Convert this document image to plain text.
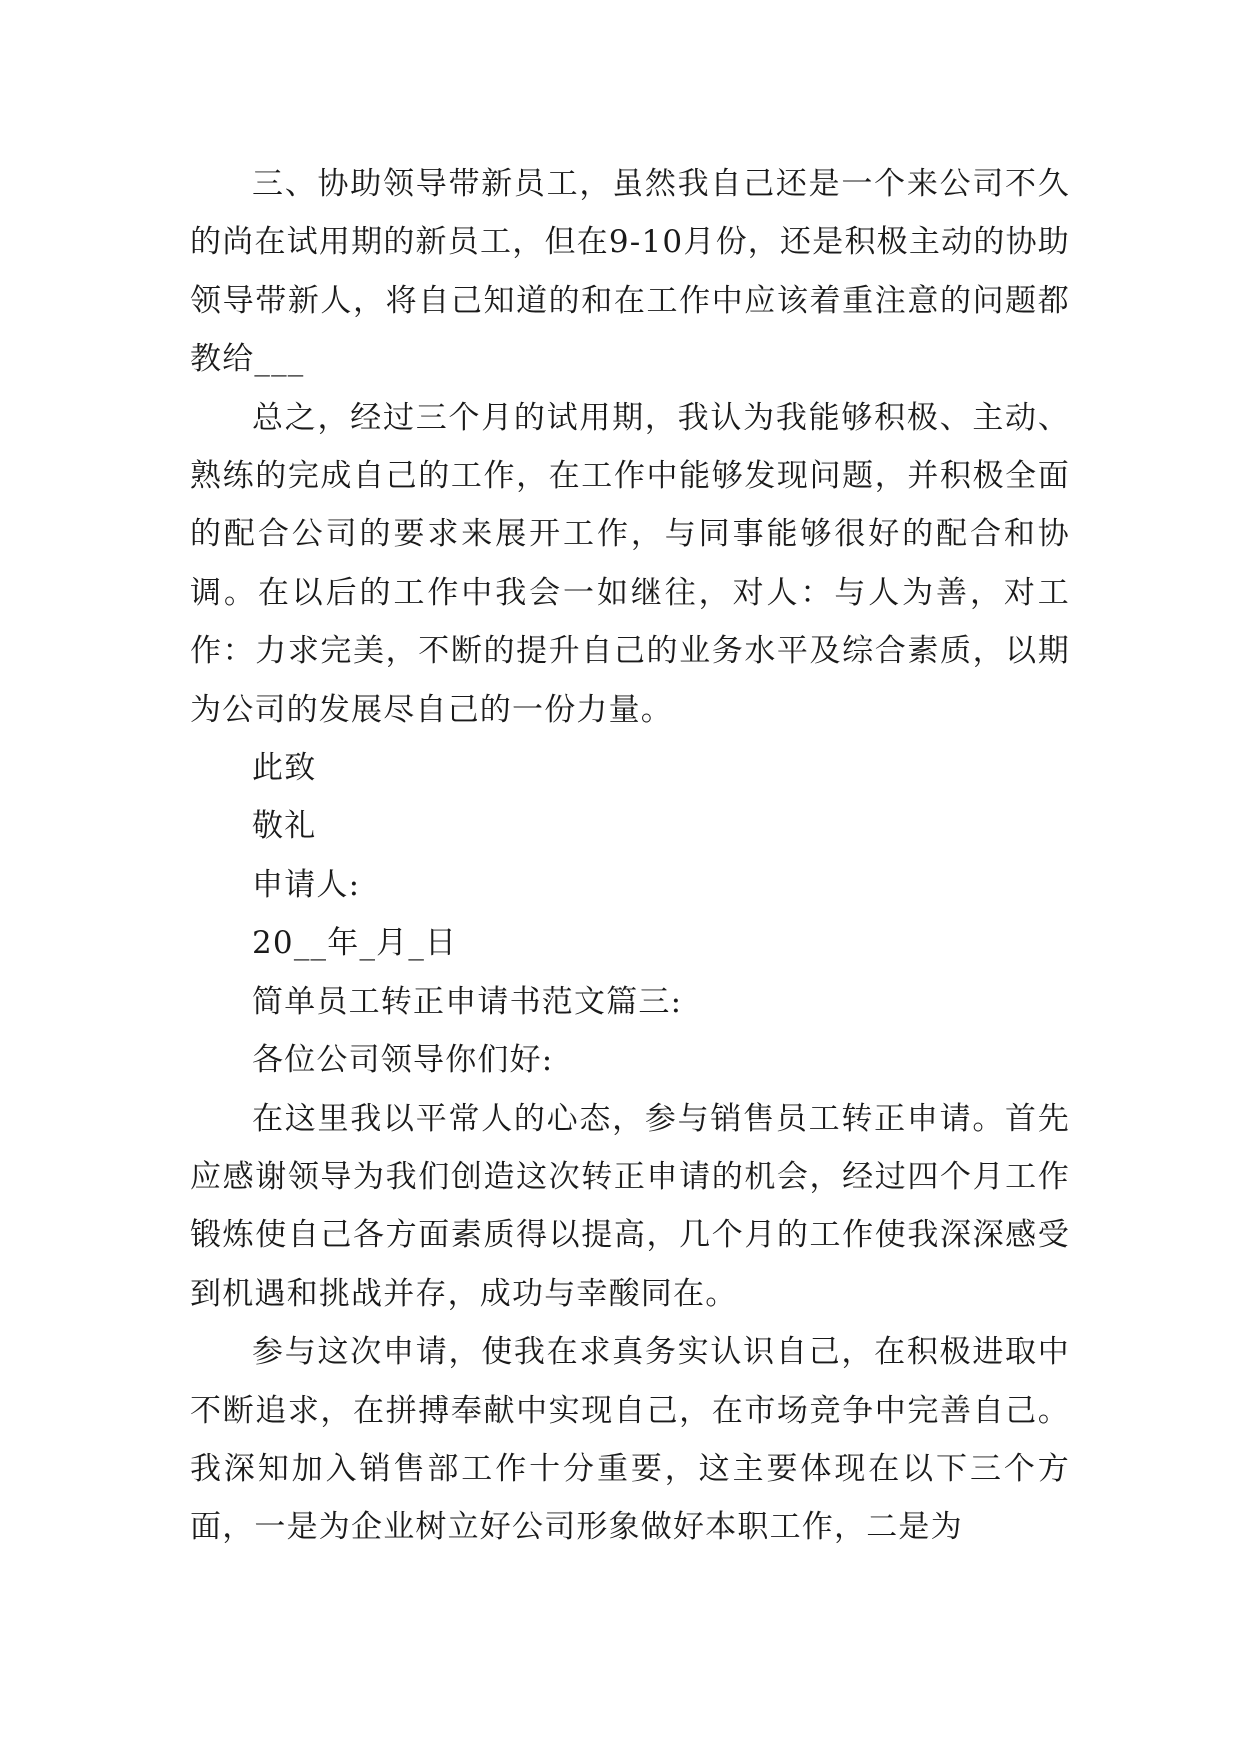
三、协助领导带新员工，虽然我自己还是一个来公司不久的尚在试用期的新员工，但在9-10月份，还是积极主动的协助领导带新人，将自己知道的和在工作中应该着重注意的问题都教给___

总之，经过三个月的试用期，我认为我能够积极、主动、熟练的完成自己的工作，在工作中能够发现问题，并积极全面的配合公司的要求来展开工作，与同事能够很好的配合和协调。在以后的工作中我会一如继往，对人：与人为善，对工作：力求完美，不断的提升自己的业务水平及综合素质，以期为公司的发展尽自己的一份力量。

此致

敬礼

申请人:

20__年_月_日

简单员工转正申请书范文篇三:

各位公司领导你们好:

在这里我以平常人的心态，参与销售员工转正申请。首先应感谢领导为我们创造这次转正申请的机会，经过四个月工作锻炼使自己各方面素质得以提高，几个月的工作使我深深感受到机遇和挑战并存，成功与幸酸同在。

参与这次申请，使我在求真务实认识自己，在积极进取中不断追求，在拼搏奉献中实现自己，在市场竞争中完善自己。我深知加入销售部工作十分重要，这主要体现在以下三个方面，一是为企业树立好公司形象做好本职工作，二是为
